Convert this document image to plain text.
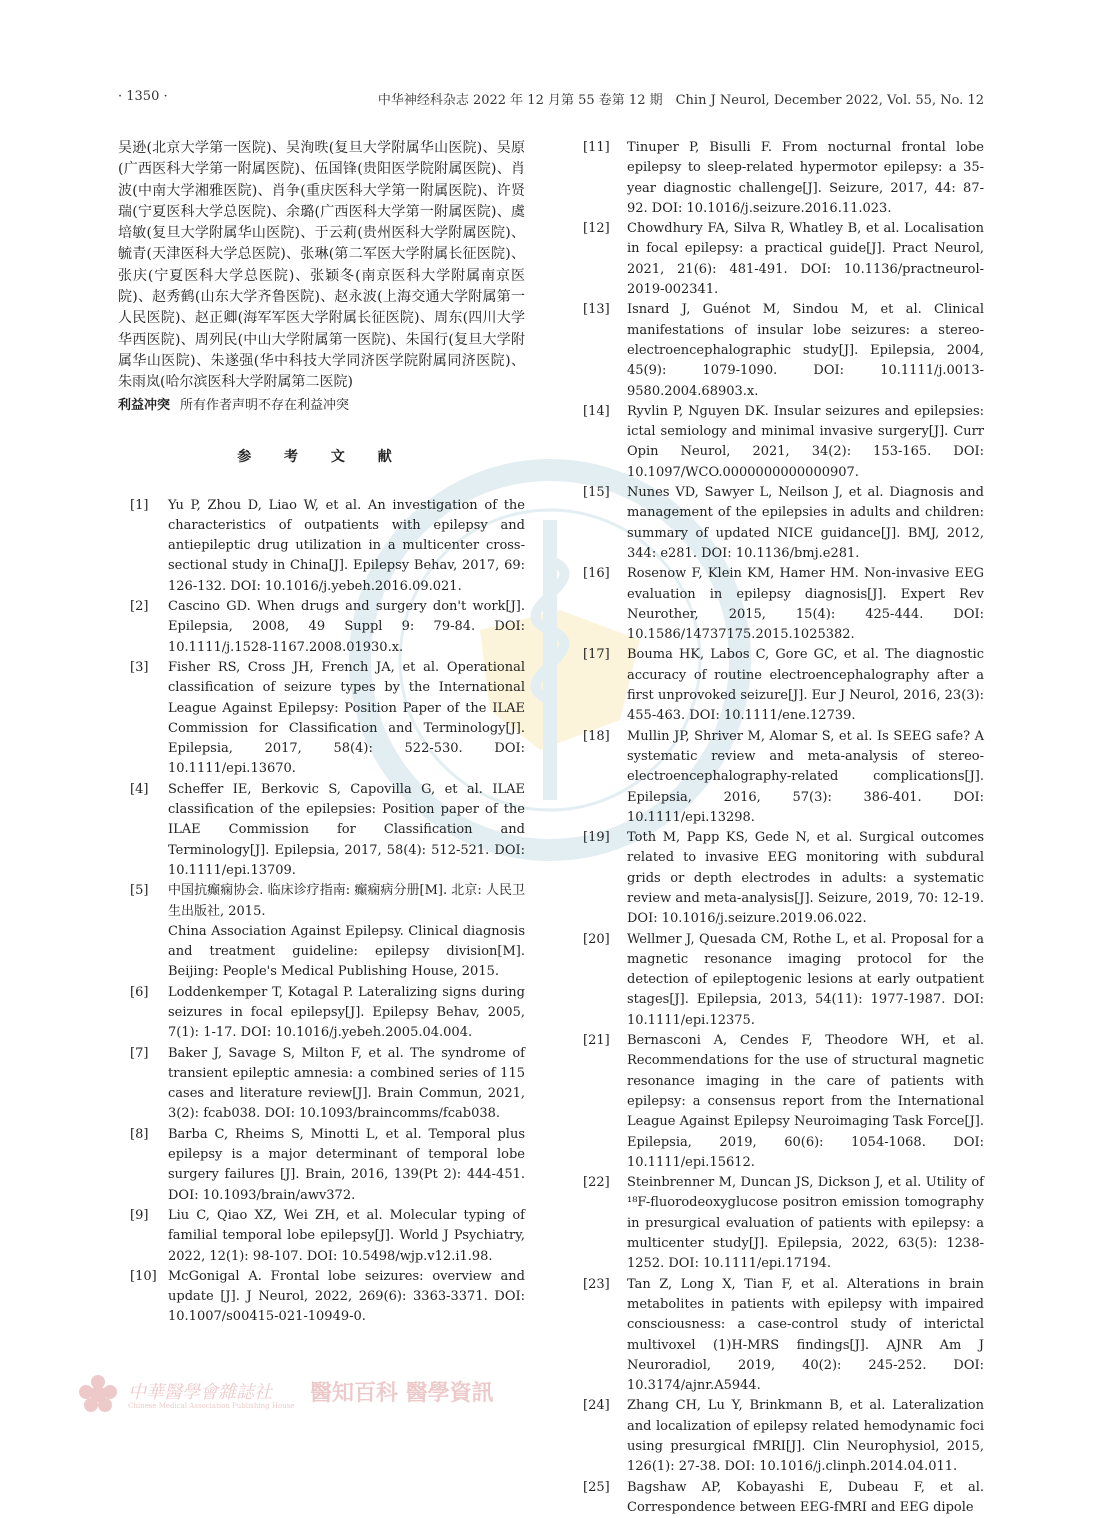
· 1350 ·	中华神经科杂志 2022 年 12 月第 55 卷第 12 期　Chin J Neurol, December 2022, Vol. 55, No. 12

吴逊(北京大学第一医院)、吴洵昳(复旦大学附属华山医院)、吴原(广西医科大学第一附属医院)、伍国锋(贵阳医学院附属医院)、肖波(中南大学湘雅医院)、肖争(重庆医科大学第一附属医院)、许贤瑞(宁夏医科大学总医院)、余璐(广西医科大学第一附属医院)、虞培敏(复旦大学附属华山医院)、于云莉(贵州医科大学附属医院)、毓青(天津医科大学总医院)、张琳(第二军医大学附属长征医院)、张庆(宁夏医科大学总医院)、张颖冬(南京医科大学附属南京医院)、赵秀鹤(山东大学齐鲁医院)、赵永波(上海交通大学附属第一人民医院)、赵正卿(海军军医大学附属长征医院)、周东(四川大学华西医院)、周列民(中山大学附属第一医院)、朱国行(复旦大学附属华山医院)、朱遂强(华中科技大学同济医学院附属同济医院)、朱雨岚(哈尔滨医科大学附属第二医院)

利益冲突 所有作者声明不存在利益冲突
参 考 文 献
[1]	Yu P, Zhou D, Liao W, et al. An investigation of the characteristics of outpatients with epilepsy and antiepileptic drug utilization in a multicenter cross-sectional study in China[J]. Epilepsy Behav, 2017, 69: 126-132. DOI: 10.1016/j.yebeh.2016.09.021.
[2]	Cascino GD. When drugs and surgery don't work[J]. Epilepsia, 2008, 49 Suppl 9: 79-84. DOI: 10.1111/j.1528-1167.2008.01930.x.
[3]	Fisher RS, Cross JH, French JA, et al. Operational classification of seizure types by the International League Against Epilepsy: Position Paper of the ILAE Commission for Classification and Terminology[J]. Epilepsia, 2017, 58(4): 522-530. DOI: 10.1111/epi.13670.
[4]	Scheffer IE, Berkovic S, Capovilla G, et al. ILAE classification of the epilepsies: Position paper of the ILAE Commission for Classification and Terminology[J]. Epilepsia, 2017, 58(4): 512-521. DOI: 10.1111/epi.13709.
[5]	中国抗癫痫协会. 临床诊疗指南: 癫痫病分册[M]. 北京: 人民卫生出版社, 2015.
China Association Against Epilepsy. Clinical diagnosis and treatment guideline: epilepsy division[M]. Beijing: People's Medical Publishing House, 2015.
[6]	Loddenkemper T, Kotagal P. Lateralizing signs during seizures in focal epilepsy[J]. Epilepsy Behav, 2005, 7(1): 1-17. DOI: 10.1016/j.yebeh.2005.04.004.
[7]	Baker J, Savage S, Milton F, et al. The syndrome of transient epileptic amnesia: a combined series of 115 cases and literature review[J]. Brain Commun, 2021, 3(2): fcab038. DOI: 10.1093/braincomms/fcab038.
[8]	Barba C, Rheims S, Minotti L, et al. Temporal plus epilepsy is a major determinant of temporal lobe surgery failures [J]. Brain, 2016, 139(Pt 2): 444-451. DOI: 10.1093/brain/awv372.
[9]	Liu C, Qiao XZ, Wei ZH, et al. Molecular typing of familial temporal lobe epilepsy[J]. World J Psychiatry, 2022, 12(1): 98-107. DOI: 10.5498/wjp.v12.i1.98.
[10] McGonigal A. Frontal lobe seizures: overview and update [J]. J Neurol, 2022, 269(6): 3363-3371. DOI: 10.1007/s00415-021-10949-0.
[11]	Tinuper P, Bisulli F. From nocturnal frontal lobe epilepsy to sleep-related hypermotor epilepsy: a 35-year diagnostic challenge[J]. Seizure, 2017, 44: 87-92. DOI: 10.1016/j.seizure.2016.11.023.
[12]	Chowdhury FA, Silva R, Whatley B, et al. Localisation in focal epilepsy: a practical guide[J]. Pract Neurol, 2021, 21(6): 481-491. DOI: 10.1136/practneurol-2019-002341.
[13]	Isnard J, Guénot M, Sindou M, et al. Clinical manifestations of insular lobe seizures: a stereo-electroencephalographic study[J]. Epilepsia, 2004, 45(9): 1079-1090. DOI: 10.1111/j.0013-9580.2004.68903.x.
[14]	Ryvlin P, Nguyen DK. Insular seizures and epilepsies: ictal semiology and minimal invasive surgery[J]. Curr Opin Neurol, 2021, 34(2): 153-165. DOI: 10.1097/WCO.0000000000000907.
[15]	Nunes VD, Sawyer L, Neilson J, et al. Diagnosis and management of the epilepsies in adults and children: summary of updated NICE guidance[J]. BMJ, 2012, 344: e281. DOI: 10.1136/bmj.e281.
[16]	Rosenow F, Klein KM, Hamer HM. Non-invasive EEG evaluation in epilepsy diagnosis[J]. Expert Rev Neurother, 2015, 15(4): 425-444. DOI: 10.1586/14737175.2015.1025382.
[17]	Bouma HK, Labos C, Gore GC, et al. The diagnostic accuracy of routine electroencephalography after a first unprovoked seizure[J]. Eur J Neurol, 2016, 23(3): 455-463. DOI: 10.1111/ene.12739.
[18]	Mullin JP, Shriver M, Alomar S, et al. Is SEEG safe? A systematic review and meta-analysis of stereo-electroencephalography-related complications[J]. Epilepsia, 2016, 57(3): 386-401. DOI: 10.1111/epi.13298.
[19]	Toth M, Papp KS, Gede N, et al. Surgical outcomes related to invasive EEG monitoring with subdural grids or depth electrodes in adults: a systematic review and meta-analysis[J]. Seizure, 2019, 70: 12-19. DOI: 10.1016/j.seizure.2019.06.022.
[20]	Wellmer J, Quesada CM, Rothe L, et al. Proposal for a magnetic resonance imaging protocol for the detection of epileptogenic lesions at early outpatient stages[J]. Epilepsia, 2013, 54(11): 1977-1987. DOI: 10.1111/epi.12375.
[21]	Bernasconi A, Cendes F, Theodore WH, et al. Recommendations for the use of structural magnetic resonance imaging in the care of patients with epilepsy: a consensus report from the International League Against Epilepsy Neuroimaging Task Force[J]. Epilepsia, 2019, 60(6): 1054-1068. DOI: 10.1111/epi.15612.
[22]	Steinbrenner M, Duncan JS, Dickson J, et al. Utility of ¹⁸F-fluorodeoxyglucose positron emission tomography in presurgical evaluation of patients with epilepsy: a multicenter study[J]. Epilepsia, 2022, 63(5): 1238-1252. DOI: 10.1111/epi.17194.
[23]	Tan Z, Long X, Tian F, et al. Alterations in brain metabolites in patients with epilepsy with impaired consciousness: a case-control study of interictal multivoxel (1)H-MRS findings[J]. AJNR Am J Neuroradiol, 2019, 40(2): 245-252. DOI: 10.3174/ajnr.A5944.
[24]	Zhang CH, Lu Y, Brinkmann B, et al. Lateralization and localization of epilepsy related hemodynamic foci using presurgical fMRI[J]. Clin Neurophysiol, 2015, 126(1): 27-38. DOI: 10.1016/j.clinph.2014.04.011.
[25]	Bagshaw AP, Kobayashi E, Dubeau F, et al. Correspondence between EEG-fMRI and EEG dipole
中華醫學會雜誌社
Chinese Medical Association Publishing House 醫知百科 醫學資訊
